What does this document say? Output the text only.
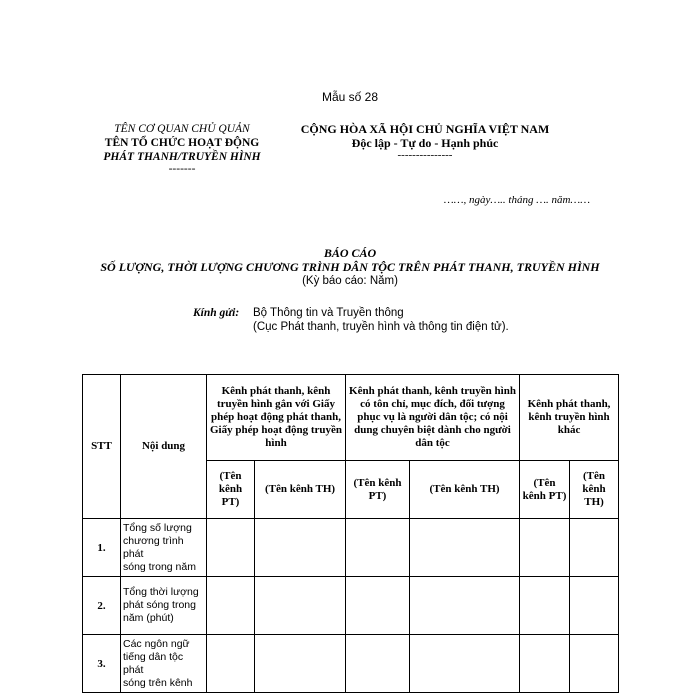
Mẫu số 28
TÊN CƠ QUAN CHỦ QUẢN
TÊN TỔ CHỨC HOẠT ĐỘNG
PHÁT THANH/TRUYỀN HÌNH
-------
CỘNG HÒA XÃ HỘI CHỦ NGHĨA VIỆT NAM
Độc lập - Tự do - Hạnh phúc
---------------
……, ngày….. tháng …. năm……
BÁO CÁO
SỐ LƯỢNG, THỜI LƯỢNG CHƯƠNG TRÌNH DÂN TỘC TRÊN PHÁT THANH, TRUYỀN HÌNH
(Kỳ báo cáo: Năm)
Kính gửi:	Bộ Thông tin và Truyền thông
(Cục Phát thanh, truyền hình và thông tin điện tử).
STT	Nội dung	Kênh phát thanh, kênh truyền hình gắn với Giấy phép hoạt động phát thanh, Giấy phép hoạt động truyền hình		Kênh phát thanh, kênh truyền hình có tôn chỉ, mục đích, đối tượng phục vụ là người dân tộc; có nội dung chuyên biệt dành cho người dân tộc		Kênh phát thanh, kênh truyền hình khác	
		(Tên kênh PT)	(Tên kênh TH)	(Tên kênh PT)	(Tên kênh TH)	(Tên kênh PT)	(Tên kênh TH)
1.	Tổng số lượng
chương trình phát
sóng trong năm						

2.	Tổng thời lượng
phát sóng trong
năm (phút)						

3.	Các ngôn ngữ
tiếng dân tộc phát
sóng trên kênh						
